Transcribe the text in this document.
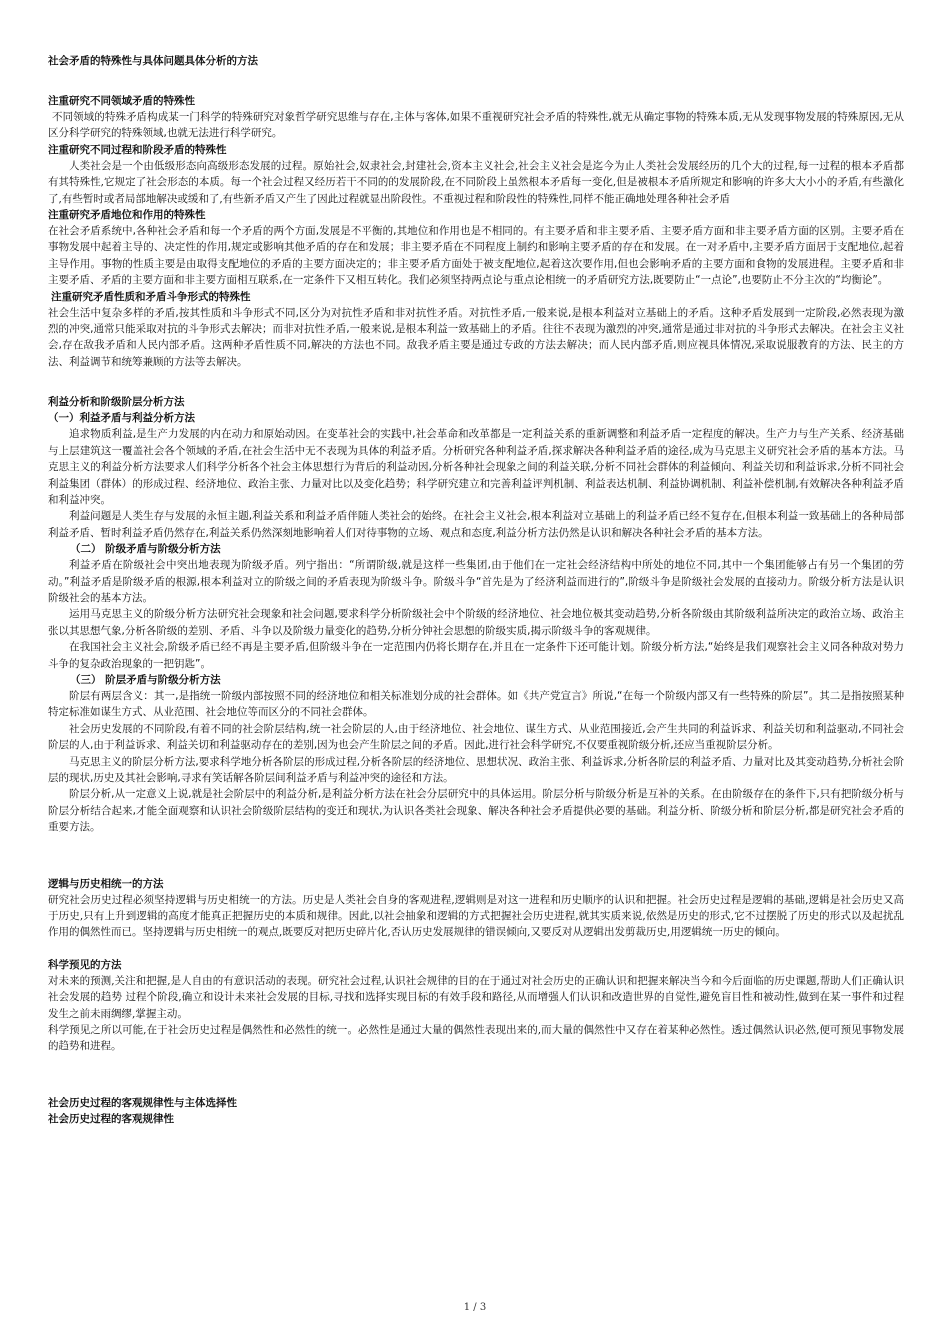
社会矛盾的特殊性与具体问题具体分析的方法

注重研究不同领域矛盾的特殊性

不同领域的特殊矛盾构成某一门科学的特殊研究对象哲学研究思维与存在,主体与客体,如果不重视研究社会矛盾的特殊性,就无从确定事物的特殊本质,无从发现事物发展的特殊原因,无从区分科学研究的特殊领域,也就无法进行科学研究。

注重研究不同过程和阶段矛盾的特殊性

人类社会是一个由低级形态向高级形态发展的过程。原始社会,奴隶社会,封建社会,资本主义社会,社会主义社会是迄今为止人类社会发展经历的几个大的过程,每一过程的根本矛盾都有其特殊性,它规定了社会形态的本质。每一个社会过程又经历若干不同的的发展阶段,在不同阶段上虽然根本矛盾每一变化,但是被根本矛盾所规定和影响的许多大大小小的矛盾,有些激化了,有些暂时或者局部地解决或缓和了,有些新矛盾又产生了因此过程就显出阶段性。不重视过程和阶段性的特殊性,同样不能正确地处理各种社会矛盾

注重研究矛盾地位和作用的特殊性

在社会矛盾系统中,各种社会矛盾和每一个矛盾的两个方面,发展是不平衡的,其地位和作用也是不相同的。有主要矛盾和非主要矛盾、主要矛盾方面和非主要矛盾方面的区别。主要矛盾在事物发展中起着主导的、决定性的作用,规定或影响其他矛盾的存在和发展；非主要矛盾在不同程度上制约和影响主要矛盾的存在和发展。在一对矛盾中,主要矛盾方面居于支配地位,起着主导作用。事物的性质主要是由取得支配地位的矛盾的主要方面决定的；非主要矛盾方面处于被支配地位,起着这次要作用,但也会影响矛盾的主要方面和食物的发展进程。主要矛盾和非主要矛盾、矛盾的主要方面和非主要方面相互联系,在一定条件下又相互转化。我们必须坚持两点论与重点论相统一的矛盾研究方法,既要防止“一点论”,也要防止不分主次的“均衡论”。

注重研究矛盾性质和矛盾斗争形式的特殊性

社会生活中复杂多样的矛盾,按其性质和斗争形式不同,区分为对抗性矛盾和非对抗性矛盾。对抗性矛盾,一般来说,是根本利益对立基础上的矛盾。这种矛盾发展到一定阶段,必然表现为激烈的冲突,通常只能采取对抗的斗争形式去解决；而非对抗性矛盾,一般来说,是根本利益一致基础上的矛盾。往往不表现为激烈的冲突,通常是通过非对抗的斗争形式去解决。在社会主义社会,存在敌我矛盾和人民内部矛盾。这两种矛盾性质不同,解决的方法也不同。敌我矛盾主要是通过专政的方法去解决；而人民内部矛盾,则应视具体情况,采取说服教育的方法、民主的方法、利益调节和统筹兼顾的方法等去解决。

利益分析和阶级阶层分析方法

（一）利益矛盾与利益分析方法

追求物质利益,是生产力发展的内在动力和原始动因。在变革社会的实践中,社会革命和改革都是一定利益关系的重新调整和利益矛盾一定程度的解决。生产力与生产关系、经济基础与上层建筑这一覆盖社会各个领域的矛盾,在社会生活中无不表现为具体的利益矛盾。分析研究各种利益矛盾,探求解决各种利益矛盾的途径,成为马克思主义研究社会矛盾的基本方法。马克思主义的利益分析方法要求人们科学分析各个社会主体思想行为背后的利益动因,分析各种社会现象之间的利益关联,分析不同社会群体的利益倾向、利益关切和利益诉求,分析不同社会利益集团（群体）的形成过程、经济地位、政治主张、力量对比以及变化趋势；科学研究建立和完善利益评判机制、利益表达机制、利益协调机制、利益补偿机制,有效解决各种利益矛盾和利益冲突。

利益问题是人类生存与发展的永恒主题,利益关系和利益矛盾伴随人类社会的始终。在社会主义社会,根本利益对立基础上的利益矛盾已经不复存在,但根本利益一致基础上的各种局部利益矛盾、暂时利益矛盾仍然存在,利益关系仍然深刻地影响着人们对待事物的立场、观点和态度,利益分析方法仍然是认识和解决各种社会矛盾的基本方法。

（二） 阶级矛盾与阶级分析方法

利益矛盾在阶级社会中突出地表现为阶级矛盾。列宁指出：“所谓阶级,就是这样一些集团,由于他们在一定社会经济结构中所处的地位不同,其中一个集团能够占有另一个集团的劳动。”利益矛盾是阶级矛盾的根源,根本利益对立的阶级之间的矛盾表现为阶级斗争。阶级斗争“首先是为了经济利益而进行的”,阶级斗争是阶级社会发展的直接动力。阶级分析方法是认识阶级社会的基本方法。

运用马克思主义的阶级分析方法研究社会现象和社会问题,要求科学分析阶级社会中个阶级的经济地位、社会地位极其变动趋势,分析各阶级由其阶级利益所决定的政治立场、政治主张以其思想气象,分析各阶级的差别、矛盾、斗争以及阶级力量变化的趋势,分析分钟社会思想的阶级实质,揭示阶级斗争的客观规律。

在我国社会主义社会,阶级矛盾已经不再是主要矛盾,但阶级斗争在一定范围内仍将长期存在,并且在一定条件下还可能计划。阶级分析方法,“始终是我们观察社会主义同各种敌对势力斗争的复杂政治现象的一把钥匙”。

（三） 阶层矛盾与阶级分析方法

阶层有两层含义：其一,是指统一阶级内部按照不同的经济地位和相关标准划分成的社会群体。如《共产党宣言》所说,“在每一个阶级内部又有一些特殊的阶层”。其二是指按照某种特定标准如谋生方式、从业范围、社会地位等而区分的不同社会群体。

社会历史发展的不同阶段,有着不同的社会阶层结构,统一社会阶层的人,由于经济地位、社会地位、谋生方式、从业范围接近,会产生共同的利益诉求、利益关切和利益驱动,不同社会阶层的人,由于利益诉求、利益关切和利益驱动存在的差别,因为也会产生阶层之间的矛盾。因此,进行社会科学研究,不仅要重视阶级分析,还应当重视阶层分析。

马克思主义的阶层分析方法,要求科学地分析各阶层的形成过程,分析各阶层的经济地位、思想状况、政治主张、利益诉求,分析各阶层的利益矛盾、力量对比及其变动趋势,分析社会阶层的现状,历史及其社会影响,寻求有笑话解各阶层间利益矛盾与利益冲突的途径和方法。

阶层分析,从一定意义上说,就是社会阶层中的利益分析,是利益分析方法在社会分层研究中的具体运用。阶层分析与阶级分析是互补的关系。在由阶级存在的条件下,只有把阶级分析与阶层分析结合起来,才能全面观察和认识社会阶级阶层结构的变迁和现状,为认识各类社会现象、解决各种社会矛盾提供必要的基础。利益分析、阶级分析和阶层分析,都是研究社会矛盾的重要方法。

逻辑与历史相统一的方法

研究社会历史过程必须坚持逻辑与历史相统一的方法。历史是人类社会自身的客观进程,逻辑则是对这一进程和历史顺序的认识和把握。社会历史过程是逻辑的基础,逻辑是社会历史又高于历史,只有上升到逻辑的高度才能真正把握历史的本质和规律。因此,以社会抽象和逻辑的方式把握社会历史进程,就其实质来说,依然是历史的形式,它不过摆脱了历史的形式以及起扰乱作用的偶然性而已。坚持逻辑与历史相统一的观点,既要反对把历史碎片化,否认历史发展规律的错误倾向,又要反对从逻辑出发剪裁历史,用逻辑统一历史的倾向。

科学预见的方法

对未来的预测,关注和把握,是人自由的有意识活动的表现。研究社会过程,认识社会规律的目的在于通过对社会历史的正确认识和把握来解决当今和今后面临的历史课题,帮助人们正确认识社会发展的趋势 过程个阶段,确立和设计未来社会发展的目标,寻找和选择实现目标的有效手段和路径,从而增强人们认识和改造世界的自觉性,避免盲目性和被动性,做到在某一事件和过程发生之前未雨绸缪,掌握主动。

科学预见之所以可能,在于社会历史过程是偶然性和必然性的统一。必然性是通过大量的偶然性表现出来的,而大量的偶然性中又存在着某种必然性。透过偶然认识必然,便可预见事物发展的趋势和进程。

社会历史过程的客观规律性与主体选择性

社会历史过程的客观规律性

1 / 3
